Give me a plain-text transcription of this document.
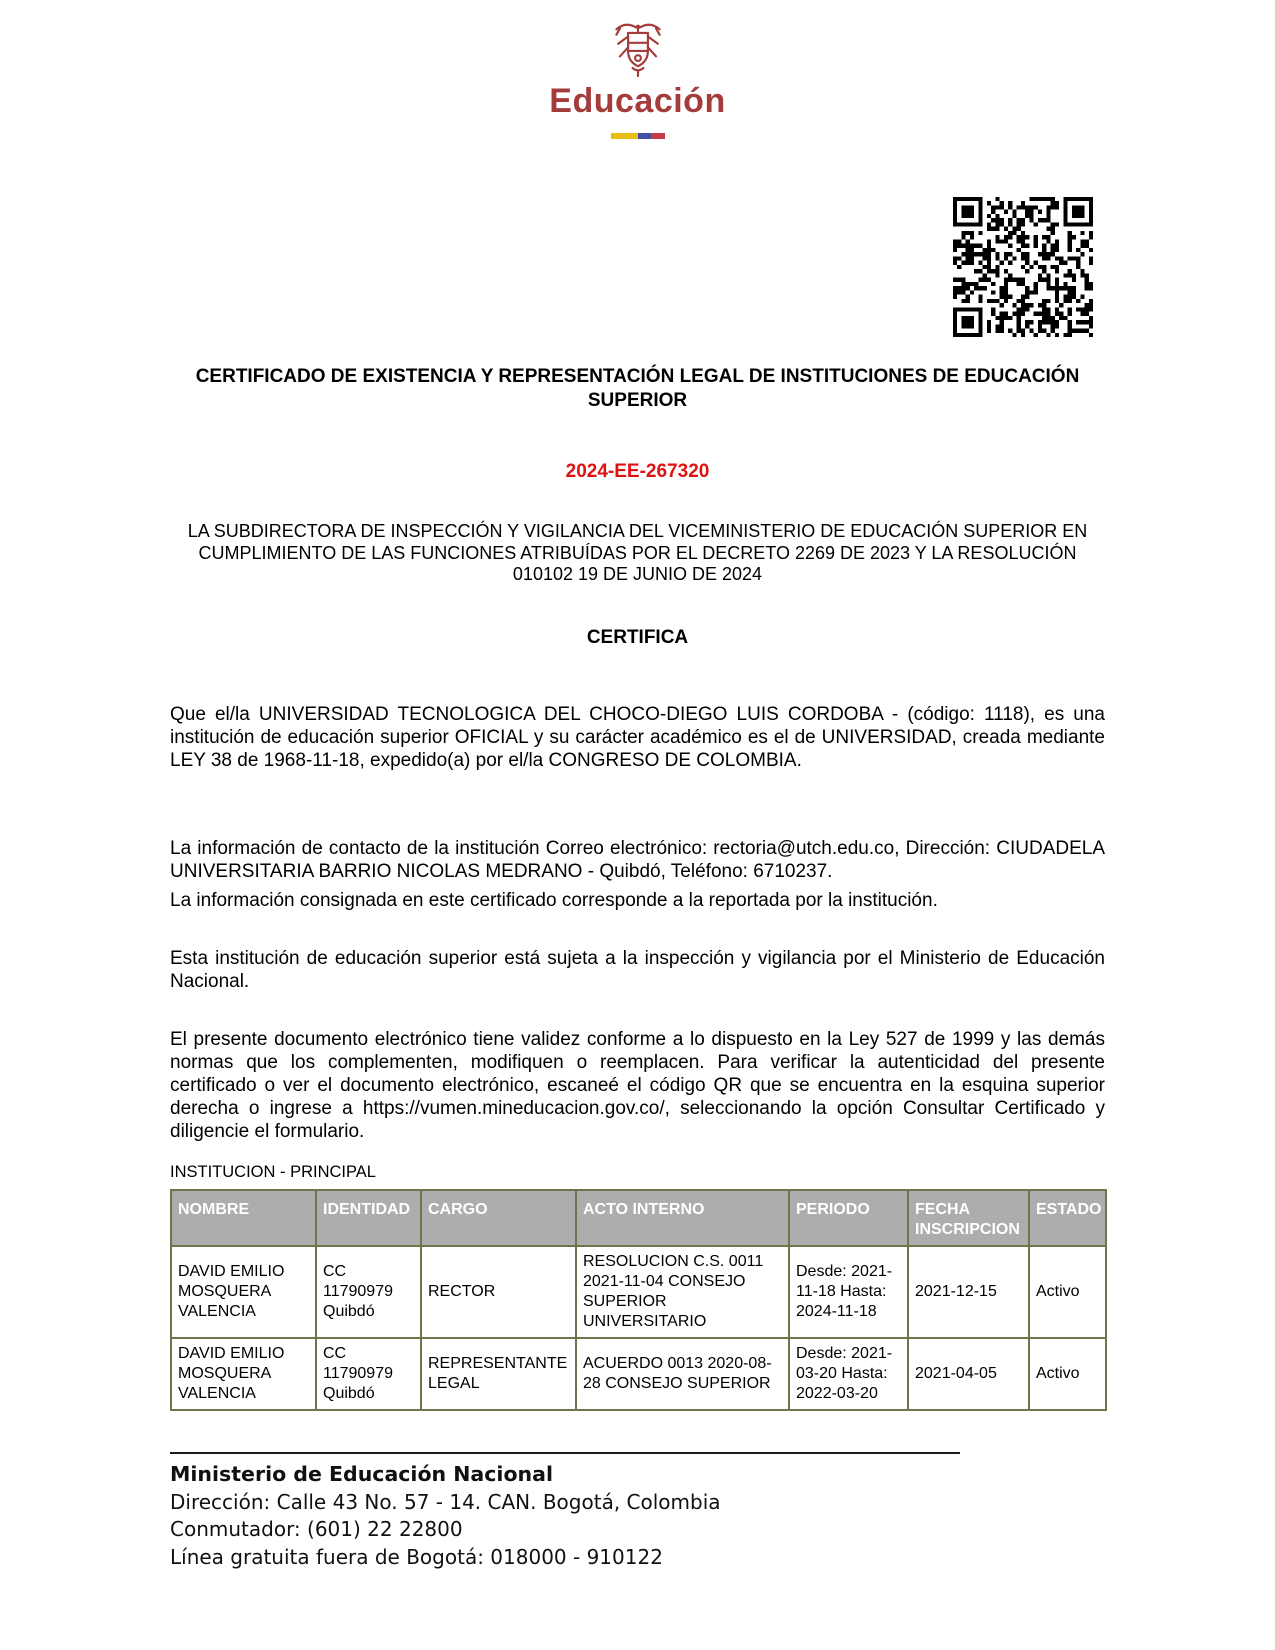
Educación
CERTIFICADO DE EXISTENCIA Y REPRESENTACIÓN LEGAL DE INSTITUCIONES DE EDUCACIÓN SUPERIOR
2024-EE-267320
LA SUBDIRECTORA DE INSPECCIÓN Y VIGILANCIA DEL VICEMINISTERIO DE EDUCACIÓN SUPERIOR EN CUMPLIMIENTO DE LAS FUNCIONES ATRIBUÍDAS POR EL DECRETO 2269 DE 2023 Y LA RESOLUCIÓN 010102 19 DE JUNIO DE 2024
CERTIFICA

Que el/la UNIVERSIDAD TECNOLOGICA DEL CHOCO-DIEGO LUIS CORDOBA - (código: 1118), es una institución de educación superior OFICIAL y su carácter académico es el de UNIVERSIDAD, creada mediante LEY 38 de 1968-11-18, expedido(a) por el/la CONGRESO DE COLOMBIA.

La información de contacto de la institución Correo electrónico: rectoria@utch.edu.co, Dirección: CIUDADELA UNIVERSITARIA BARRIO NICOLAS MEDRANO - Quibdó, Teléfono: 6710237.

La información consignada en este certificado corresponde a la reportada por la institución.

Esta institución de educación superior está sujeta a la inspección y vigilancia por el Ministerio de Educación Nacional.

El presente documento electrónico tiene validez conforme a lo dispuesto en la Ley 527 de 1999 y las demás normas que los complementen, modifiquen o reemplacen. Para verificar la autenticidad del presente certificado o ver el documento electrónico, escaneé el código QR que se encuentra en la esquina superior derecha o ingrese a https://vumen.mineducacion.gov.co/, seleccionando la opción Consultar Certificado y diligencie el formulario.

INSTITUCION - PRINCIPAL
NOMBRE	IDENTIDAD	CARGO	ACTO INTERNO	PERIODO	FECHA INSCRIPCION	ESTADO
DAVID EMILIO MOSQUERA VALENCIA	CC 11790979 Quibdó	RECTOR	RESOLUCION C.S. 0011 2021-11-04 CONSEJO SUPERIOR UNIVERSITARIO	Desde: 2021-11-18 Hasta: 2024-11-18	2021-12-15	Activo
DAVID EMILIO MOSQUERA VALENCIA	CC 11790979 Quibdó	REPRESENTANTE LEGAL	ACUERDO 0013 2020-08-28 CONSEJO SUPERIOR	Desde: 2021-03-20 Hasta: 2022-03-20	2021-04-05	Activo
Ministerio de Educación Nacional
Dirección: Calle 43 No. 57 - 14. CAN. Bogotá, Colombia
Conmutador: (601) 22 22800
Línea gratuita fuera de Bogotá: 018000 - 910122
